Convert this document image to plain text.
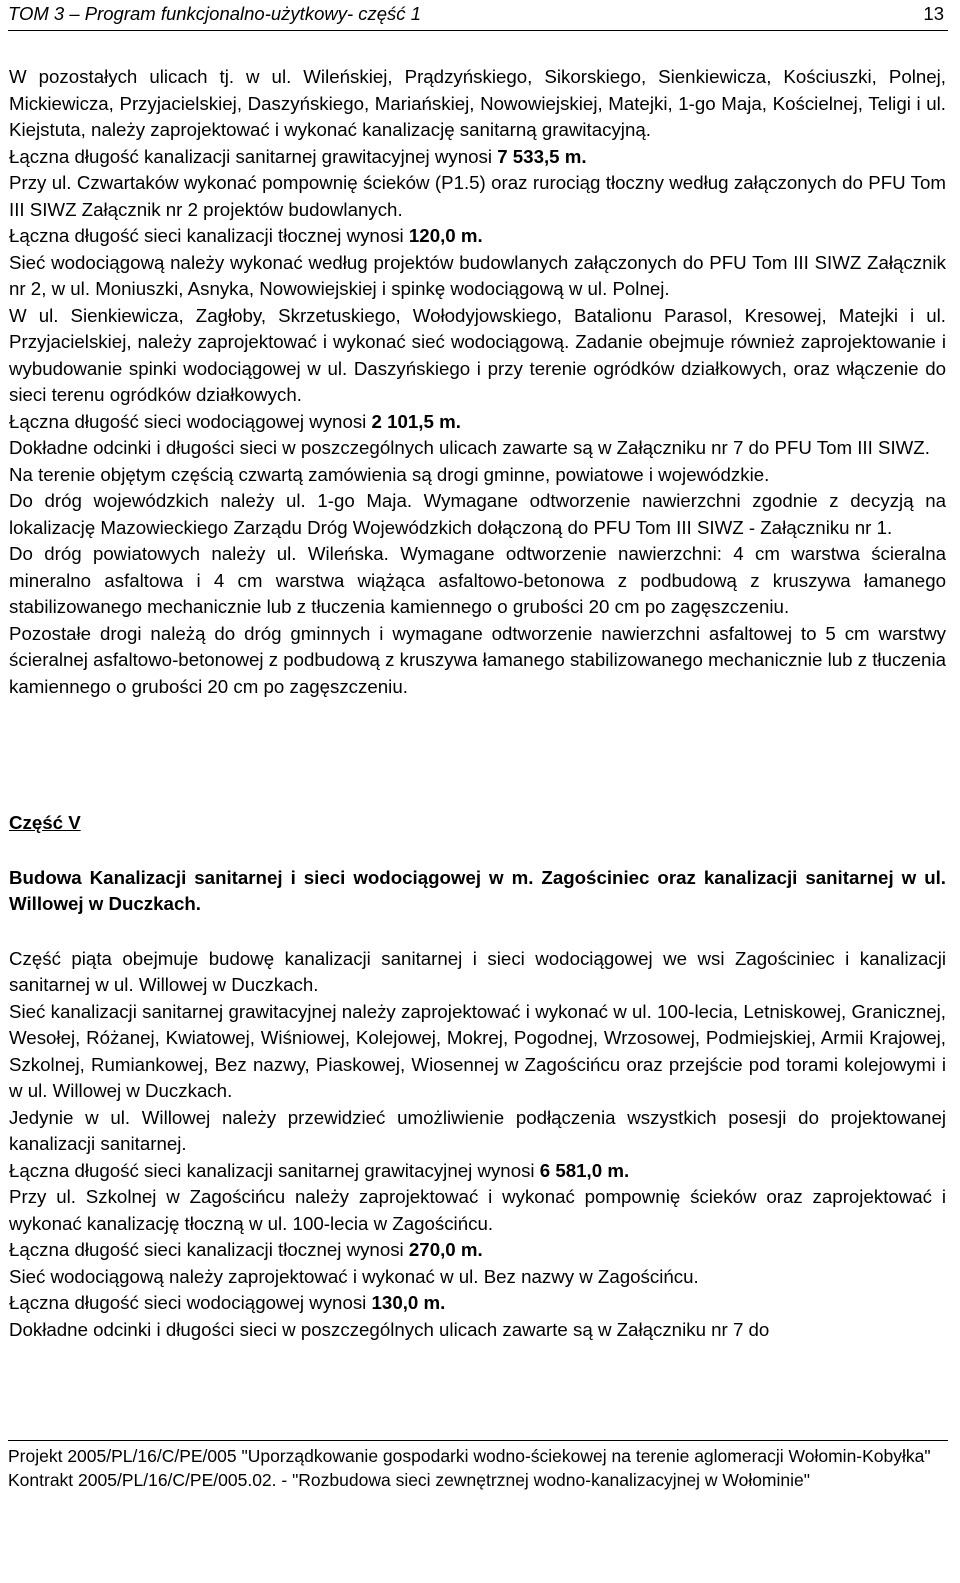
TOM 3 – Program funkcjonalno-użytkowy- część 1	13

W pozostałych ulicach tj. w ul. Wileńskiej, Prądzyńskiego, Sikorskiego, Sienkiewicza, Kościuszki, Polnej, Mickiewicza, Przyjacielskiej, Daszyńskiego, Mariańskiej, Nowowiejskiej, Matejki, 1-go Maja, Kościelnej, Teligi i ul. Kiejstuta, należy zaprojektować i wykonać kanalizację sanitarną grawitacyjną.

Łączna długość kanalizacji sanitarnej grawitacyjnej wynosi 7 533,5 m.

Przy ul. Czwartaków wykonać pompownię ścieków (P1.5) oraz rurociąg tłoczny według załączonych do PFU Tom III SIWZ Załącznik nr 2 projektów budowlanych.

Łączna długość sieci kanalizacji tłocznej wynosi 120,0 m.

Sieć wodociągową należy wykonać według projektów budowlanych załączonych do PFU Tom III SIWZ Załącznik nr 2, w ul. Moniuszki, Asnyka, Nowowiejskiej i spinkę wodociągową w ul. Polnej.

W ul. Sienkiewicza, Zagłoby, Skrzetuskiego, Wołodyjowskiego, Batalionu Parasol, Kresowej, Matejki i ul. Przyjacielskiej, należy zaprojektować i wykonać sieć wodociągową. Zadanie obejmuje również zaprojektowanie i wybudowanie spinki wodociągowej w ul. Daszyńskiego i przy terenie ogródków działkowych, oraz włączenie do sieci terenu ogródków działkowych.

Łączna długość sieci wodociągowej wynosi 2 101,5 m.

Dokładne odcinki i długości sieci w poszczególnych ulicach zawarte są w Załączniku nr 7 do PFU Tom III SIWZ.

Na terenie objętym częścią czwartą zamówienia są drogi gminne, powiatowe i wojewódzkie.

Do dróg wojewódzkich należy ul. 1-go Maja. Wymagane odtworzenie nawierzchni zgodnie z decyzją na lokalizację Mazowieckiego Zarządu Dróg Wojewódzkich dołączoną do PFU Tom III SIWZ - Załączniku nr 1.

Do dróg powiatowych należy ul. Wileńska. Wymagane odtworzenie nawierzchni: 4 cm warstwa ścieralna mineralno asfaltowa i 4 cm warstwa wiążąca asfaltowo-betonowa z podbudową z kruszywa łamanego stabilizowanego mechanicznie lub z tłuczenia kamiennego o grubości 20 cm po zagęszczeniu.

Pozostałe drogi należą do dróg gminnych i wymagane odtworzenie nawierzchni asfaltowej to 5 cm warstwy ścieralnej asfaltowo-betonowej z podbudową z kruszywa łamanego stabilizowanego mechanicznie lub z tłuczenia kamiennego o grubości 20 cm po zagęszczeniu.

Część V

Budowa Kanalizacji sanitarnej i sieci wodociągowej w m. Zagościniec oraz kanalizacji sanitarnej w ul. Willowej w Duczkach.

Część piąta obejmuje budowę kanalizacji sanitarnej i sieci wodociągowej we wsi Zagościniec i kanalizacji sanitarnej w ul. Willowej w Duczkach.

Sieć kanalizacji sanitarnej grawitacyjnej należy zaprojektować i wykonać w ul. 100-lecia, Letniskowej, Granicznej, Wesołej, Różanej, Kwiatowej, Wiśniowej, Kolejowej, Mokrej, Pogodnej, Wrzosowej, Podmiejskiej, Armii Krajowej, Szkolnej, Rumiankowej, Bez nazwy, Piaskowej, Wiosennej w Zagościńcu oraz przejście pod torami kolejowymi i w ul. Willowej w Duczkach.

Jedynie w ul. Willowej należy przewidzieć umożliwienie podłączenia wszystkich posesji do projektowanej kanalizacji sanitarnej.

Łączna długość sieci kanalizacji sanitarnej grawitacyjnej wynosi 6 581,0 m.

Przy ul. Szkolnej w Zagościńcu należy zaprojektować i wykonać pompownię ścieków oraz zaprojektować i wykonać kanalizację tłoczną w ul. 100-lecia w Zagościńcu.

Łączna długość sieci kanalizacji tłocznej wynosi 270,0 m.

Sieć wodociągową należy zaprojektować i wykonać w ul. Bez nazwy w Zagościńcu.

Łączna długość sieci wodociągowej wynosi 130,0 m.

Dokładne odcinki i długości sieci w poszczególnych ulicach zawarte są w Załączniku nr 7 do

Projekt 2005/PL/16/C/PE/005 "Uporządkowanie gospodarki wodno-ściekowej na terenie aglomeracji Wołomin-Kobyłka"

Kontrakt 2005/PL/16/C/PE/005.02. - "Rozbudowa sieci zewnętrznej wodno-kanalizacyjnej w Wołominie"
